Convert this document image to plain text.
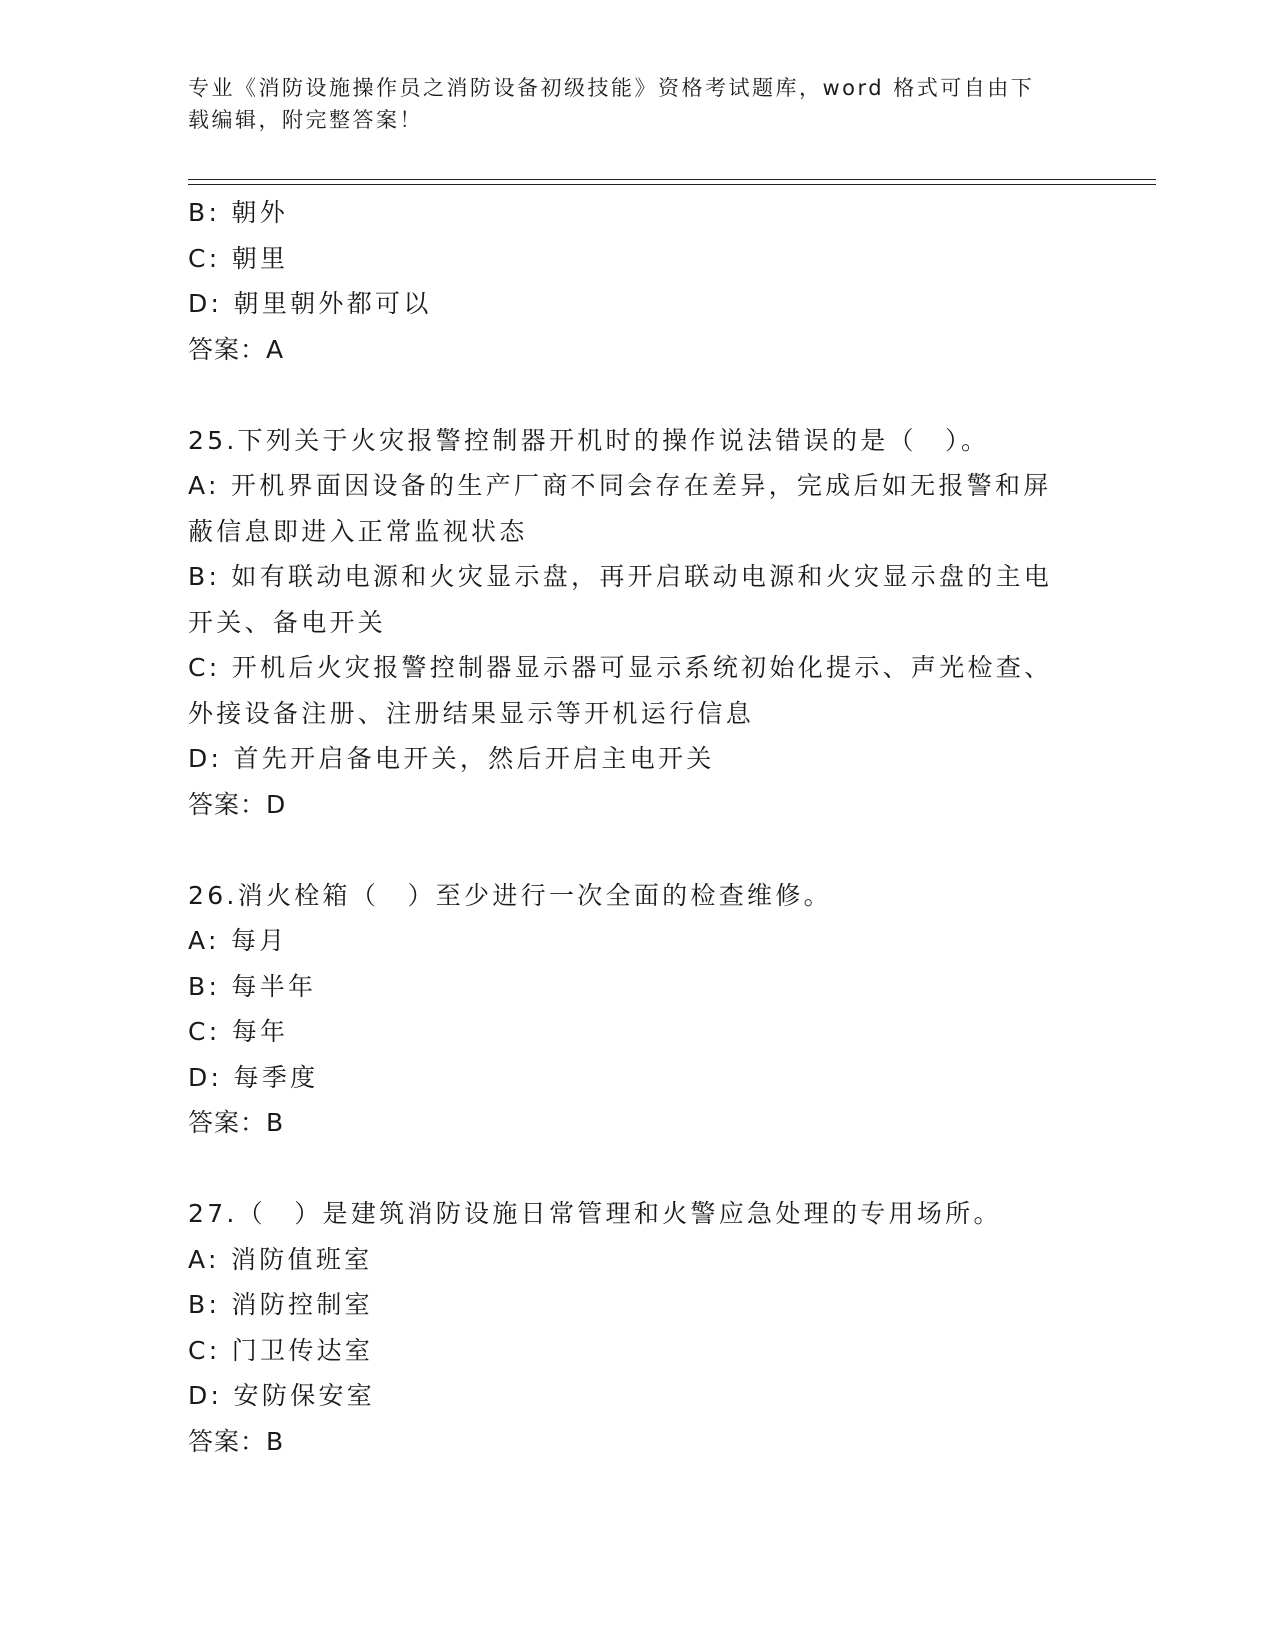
专业《消防设施操作员之消防设备初级技能》资格考试题库，word 格式可自由下
载编辑，附完整答案！
B: 朝外
C: 朝里
D: 朝里朝外都可以
答案：A
25.下列关于火灾报警控制器开机时的操作说法错误的是（　）。
A: 开机界面因设备的生产厂商不同会存在差异，完成后如无报警和屏
蔽信息即进入正常监视状态
B: 如有联动电源和火灾显示盘，再开启联动电源和火灾显示盘的主电
开关、备电开关
C: 开机后火灾报警控制器显示器可显示系统初始化提示、声光检查、
外接设备注册、注册结果显示等开机运行信息
D: 首先开启备电开关，然后开启主电开关
答案：D
26.消火栓箱（　）至少进行一次全面的检查维修。
A: 每月
B: 每半年
C: 每年
D: 每季度
答案：B
27.（　）是建筑消防设施日常管理和火警应急处理的专用场所。
A: 消防值班室
B: 消防控制室
C: 门卫传达室
D: 安防保安室
答案：B
